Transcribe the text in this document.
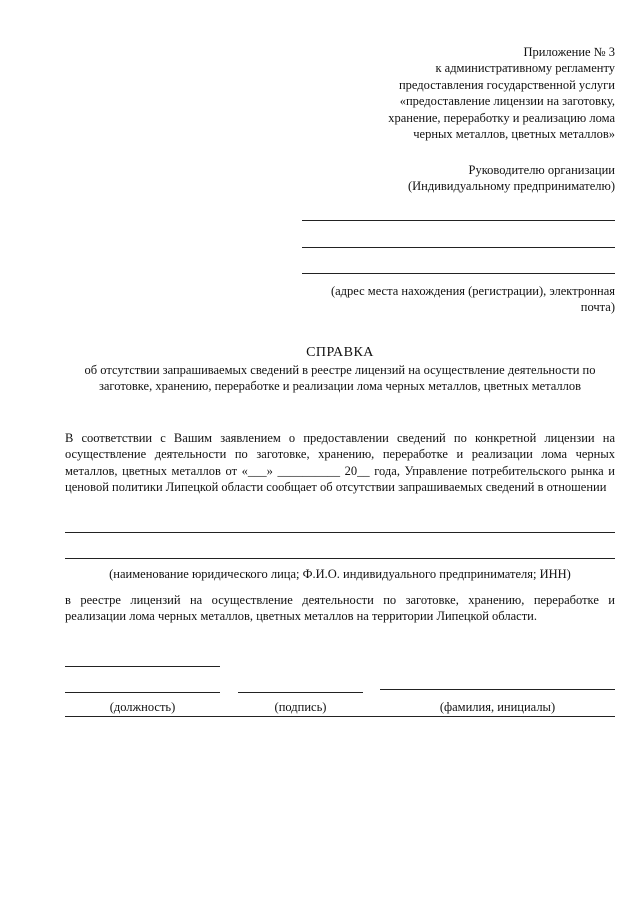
Приложение № 3
к административному регламенту
предоставления государственной услуги
«предоставление лицензии на заготовку,
хранение, переработку и реализацию лома
черных металлов, цветных металлов»
Руководителю организации
(Индивидуальному предпринимателю)
(адрес места нахождения (регистрации), электронная
почта)
СПРАВКА
об отсутствии запрашиваемых сведений в реестре лицензий на осуществление деятельности по
заготовке, хранению, переработке и реализации лома черных металлов, цветных металлов
В соответствии с Вашим заявлением о предоставлении сведений по конкретной лицензии на осуществление деятельности по заготовке, хранению, переработке и реализации лома черных металлов, цветных металлов от «___» __________ 20__ года, Управление потребительского рынка и ценовой политики Липецкой области сообщает об отсутствии запрашиваемых сведений в отношении
(наименование юридического лица; Ф.И.О. индивидуального предпринимателя; ИНН)
в реестре лицензий на осуществление деятельности по заготовке, хранению, переработке и реализации лома черных металлов, цветных металлов на территории Липецкой области.
(должность)	(подпись)	(фамилия, инициалы)
